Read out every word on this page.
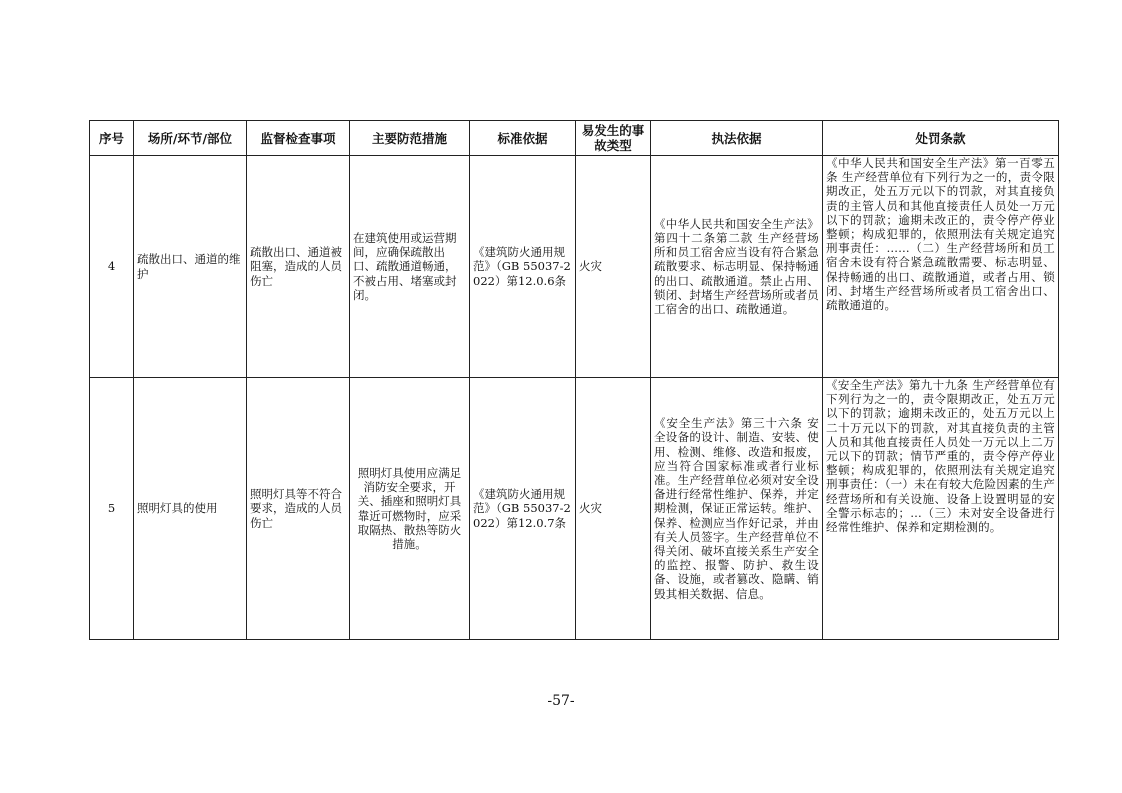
序号	场所/环节/部位	监督检查事项	主要防范措施	标准依据	易发生的事故类型	执法依据	处罚条款
4	疏散出口、通道的维护	疏散出口、通道被阻塞，造成的人员伤亡	在建筑使用或运营期间，应确保疏散出口、疏散通道畅通，不被占用、堵塞或封闭。	《建筑防火通用规范》（GB 55037-2022）第12.0.6条	火灾	《中华人民共和国安全生产法》第四十二条第二款 生产经营场所和员工宿舍应当设有符合紧急疏散要求、标志明显、保持畅通的出口、疏散通道。禁止占用、锁闭、封堵生产经营场所或者员工宿舍的出口、疏散通道。	《中华人民共和国安全生产法》第一百零五条 生产经营单位有下列行为之一的，责令限期改正，处五万元以下的罚款，对其直接负责的主管人员和其他直接责任人员处一万元以下的罚款；逾期未改正的，责令停产停业整顿；构成犯罪的，依照刑法有关规定追究刑事责任：……（二）生产经营场所和员工宿舍未设有符合紧急疏散需要、标志明显、保持畅通的出口、疏散通道，或者占用、锁闭、封堵生产经营场所或者员工宿舍出口、疏散通道的。
5	照明灯具的使用	照明灯具等不符合要求，造成的人员伤亡	照明灯具使用应满足消防安全要求，开关、插座和照明灯具靠近可燃物时，应采取隔热、散热等防火措施。	《建筑防火通用规范》（GB 55037-2022）第12.0.7条	火灾	《安全生产法》第三十六条 安全设备的设计、制造、安装、使用、检测、维修、改造和报废，应当符合国家标准或者行业标准。生产经营单位必须对安全设备进行经常性维护、保养，并定期检测，保证正常运转。维护、保养、检测应当作好记录，并由有关人员签字。生产经营单位不得关闭、破坏直接关系生产安全的监控、报警、防护、救生设备、设施，或者篡改、隐瞒、销毁其相关数据、信息。	《安全生产法》第九十九条 生产经营单位有下列行为之一的，责令限期改正，处五万元以下的罚款；逾期未改正的，处五万元以上二十万元以下的罚款，对其直接负责的主管人员和其他直接责任人员处一万元以上二万元以下的罚款；情节严重的，责令停产停业整顿；构成犯罪的，依照刑法有关规定追究刑事责任：（一）未在有较大危险因素的生产经营场所和有关设施、设备上设置明显的安全警示标志的；…（三）未对安全设备进行经常性维护、保养和定期检测的。
-57-
